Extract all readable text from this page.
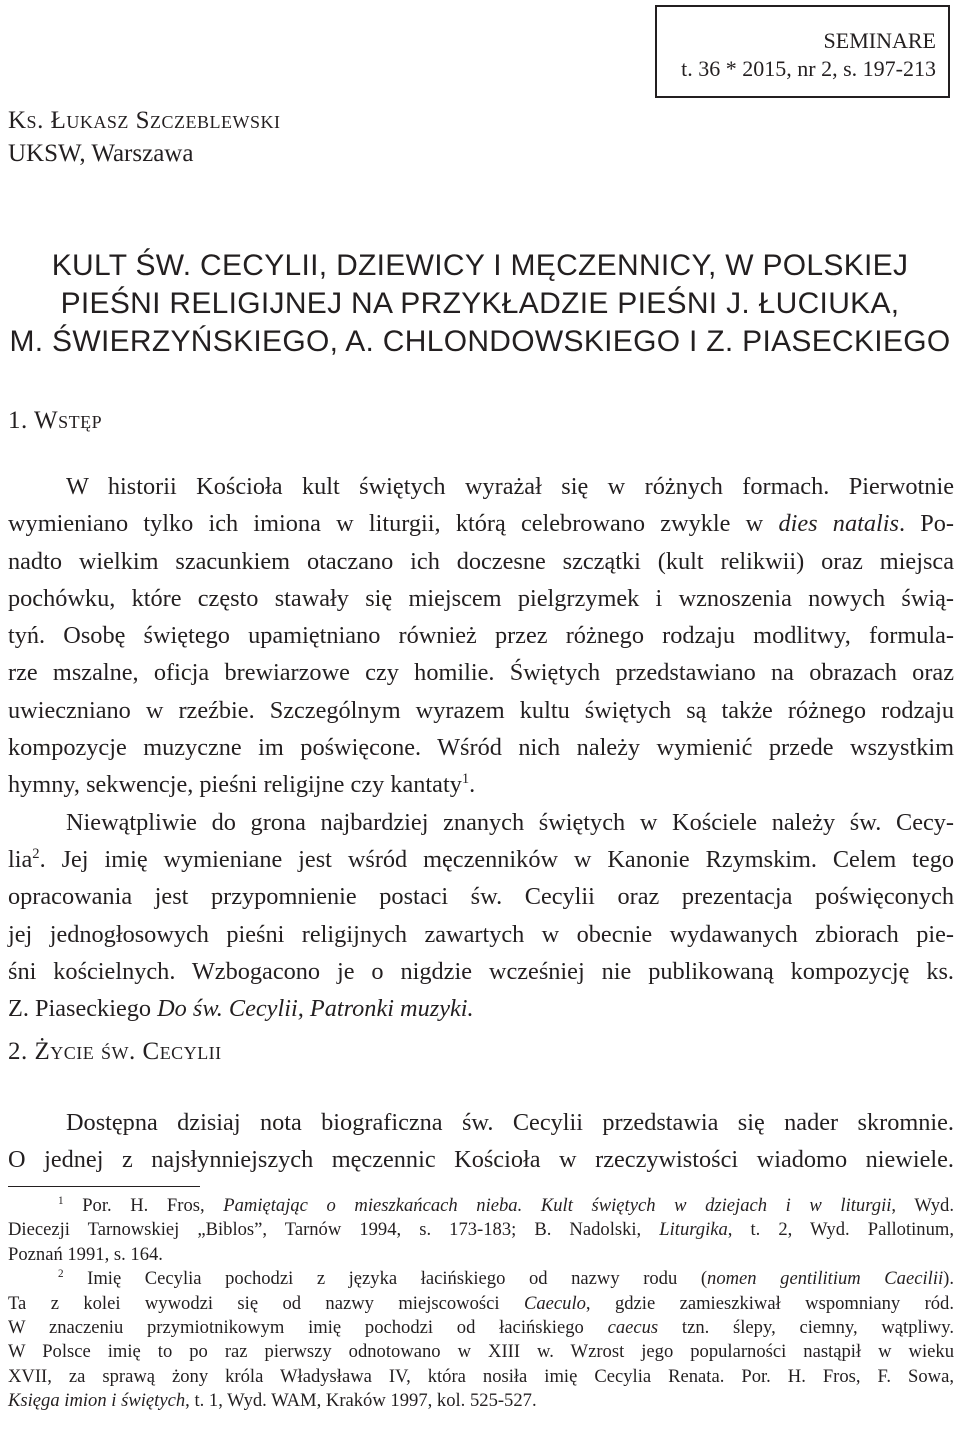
SEMINARE
t. 36 * 2015, nr 2, s. 197-213
Ks. Łukasz Szczeblewski
UKSW, Warszawa
KULT ŚW. CECYLII, DZIEWICY I MĘCZENNICY, W POLSKIEJ
PIEŚNI RELIGIJNEJ NA PRZYKŁADZIE PIEŚNI J. ŁUCIUKA,
M. ŚWIERZYŃSKIEGO, A. CHLONDOWSKIEGO I Z. PIASECKIEGO
1. Wstęp
W historii Kościoła kult świętych wyrażał się w różnych formach. Pierwotnie
wymieniano tylko ich imiona w liturgii, którą celebrowano zwykle w dies natalis. Po-
nadto wielkim szacunkiem otaczano ich doczesne szczątki (kult relikwii) oraz miejsca
pochówku, które często stawały się miejscem pielgrzymek i wznoszenia nowych świą-
tyń. Osobę świętego upamiętniano również przez różnego rodzaju modlitwy, formula-
rze mszalne, oficja brewiarzowe czy homilie. Świętych przedstawiano na obrazach oraz
uwieczniano w rzeźbie. Szczególnym wyrazem kultu świętych są także różnego rodzaju
kompozycje muzyczne im poświęcone. Wśród nich należy wymienić przede wszystkim
hymny, sekwencje, pieśni religijne czy kantaty$^1$.
Niewątpliwie do grona najbardziej znanych świętych w Kościele należy św. Cecy-
lia$^2$. Jej imię wymieniane jest wśród męczenników w Kanonie Rzymskim. Celem tego
opracowania jest przypomnienie postaci św. Cecylii oraz prezentacja poświęconych
jej jednogłosowych pieśni religijnych zawartych w obecnie wydawanych zbiorach pie-
śni kościelnych. Wzbogacono je o nigdzie wcześniej nie publikowaną kompozycję ks.
Z. Piaseckiego Do św. Cecylii, Patronki muzyki.
2. Życie św. Cecylii
Dostępna dzisiaj nota biograficzna św. Cecylii przedstawia się nader skromnie.
O jednej z najsłynniejszych męczennic Kościoła w rzeczywistości wiadomo niewiele.
$^1$ Por. H. Fros, Pamiętając o mieszkańcach nieba. Kult świętych w dziejach i w liturgii, Wyd.
Diecezji Tarnowskiej „Biblos”, Tarnów 1994, s. 173-183; B. Nadolski, Liturgika, t. 2, Wyd. Pallotinum,
Poznań 1991, s. 164.
$^2$ Imię Cecylia pochodzi z języka łacińskiego od nazwy rodu (nomen gentilitium Caecilii).
Ta z kolei wywodzi się od nazwy miejscowości Caeculo, gdzie zamieszkiwał wspomniany ród.
W znaczeniu przymiotnikowym imię pochodzi od łacińskiego caecus tzn. ślepy, ciemny, wątpliwy.
W Polsce imię to po raz pierwszy odnotowano w XIII w. Wzrost jego popularności nastąpił w wieku
XVII, za sprawą żony króla Władysława IV, która nosiła imię Cecylia Renata. Por. H. Fros, F. Sowa,
Księga imion i świętych, t. 1, Wyd. WAM, Kraków 1997, kol. 525-527.
